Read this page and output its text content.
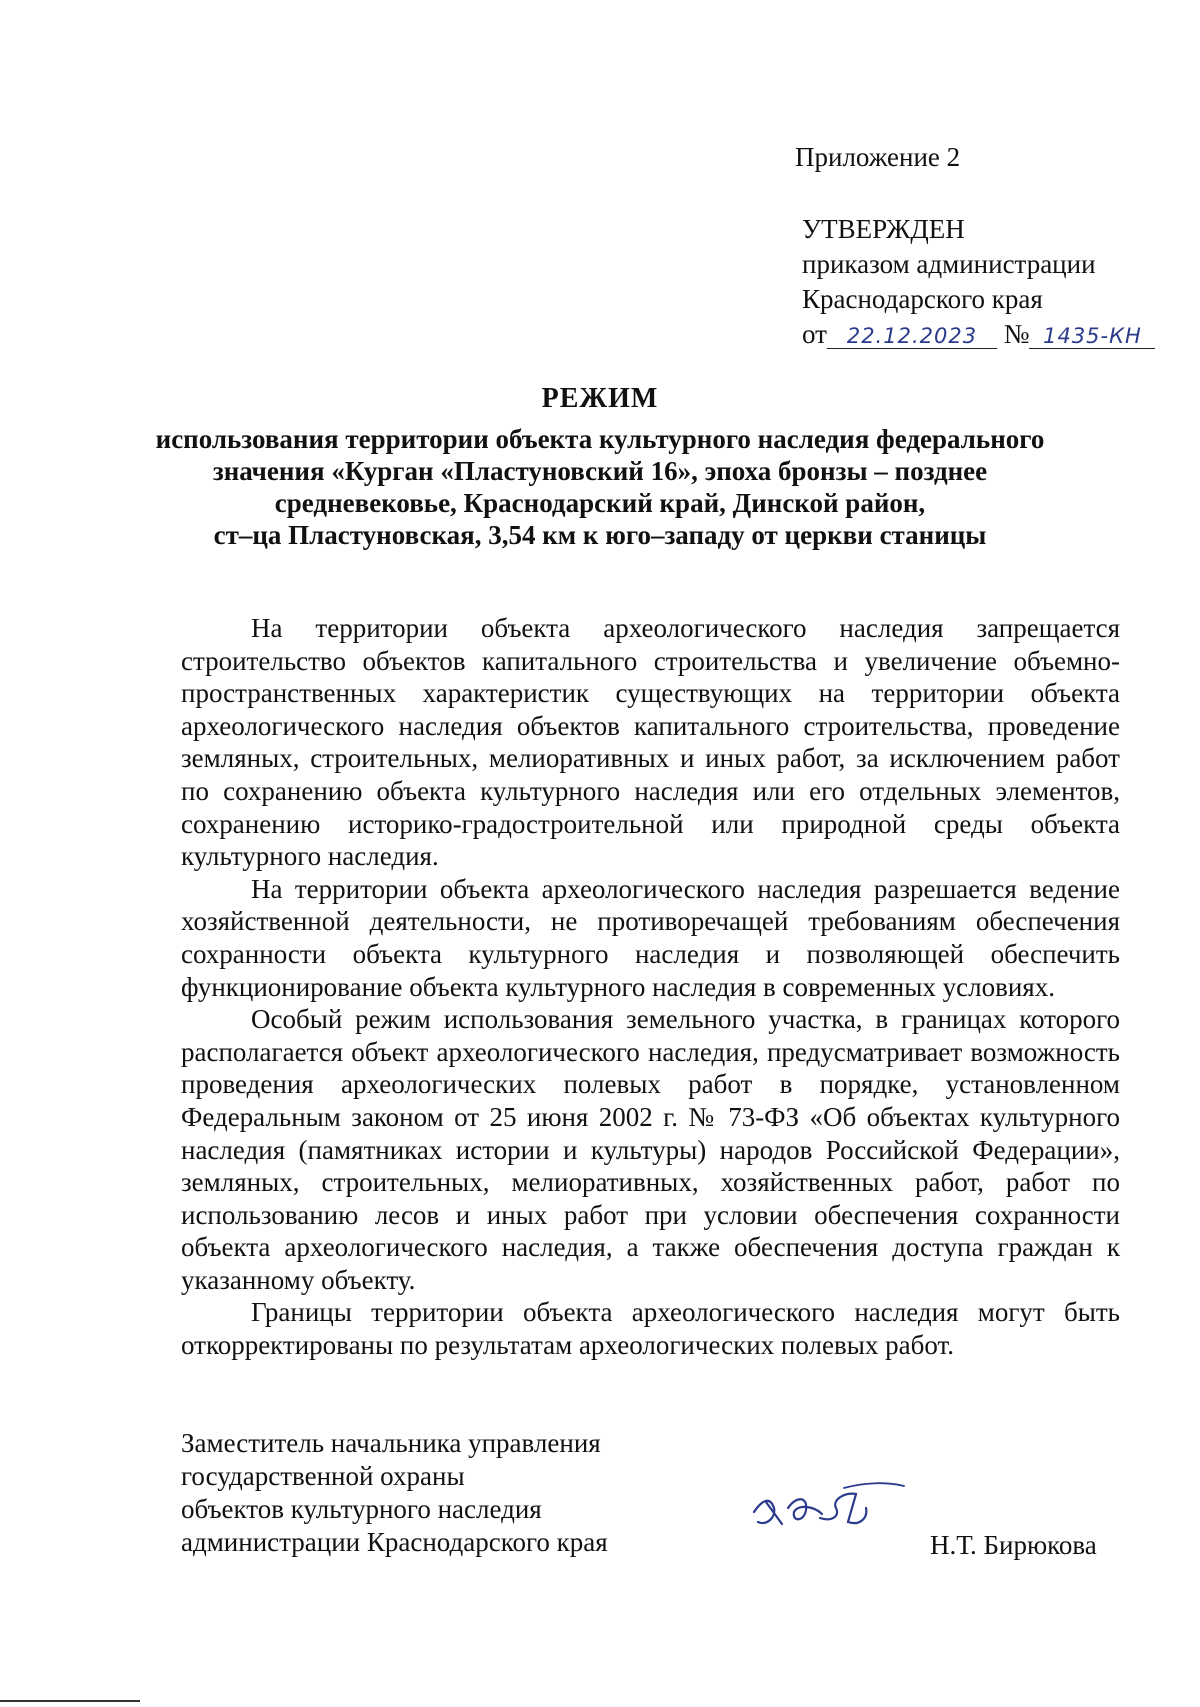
Приложение 2
УТВЕРЖДЕН
приказом администрации
Краснодарского края
от 22.12.2023 № 1435-КН
РЕЖИМ
использования территории объекта культурного наследия федерального
значения «Курган «Пластуновский 16», эпоха бронзы – позднее
средневековье, Краснодарский край, Динской район,
ст–ца Пластуновская, 3,54 км к юго–западу от церкви станицы

На территории объекта археологического наследия запрещается строительство объектов капитального строительства и увеличение объемно-пространственных характеристик существующих на территории объекта археологического наследия объектов капитального строительства, проведение земляных, строительных, мелиоративных и иных работ, за исключением работ по сохранению объекта культурного наследия или его отдельных элементов, сохранению историко-градостроительной или природной среды объекта культурного наследия.

На территории объекта археологического наследия разрешается ведение хозяйственной деятельности, не противоречащей требованиям обеспечения сохранности объекта культурного наследия и позволяющей обеспечить функционирование объекта культурного наследия в современных условиях.

Особый режим использования земельного участка, в границах которого располагается объект археологического наследия, предусматривает возможность проведения археологических полевых работ в порядке, установленном Федеральным законом от 25 июня 2002 г. № 73-ФЗ «Об объектах культурного наследия (памятниках истории и культуры) народов Российской Федерации», земляных, строительных, мелиоративных, хозяйственных работ, работ по использованию лесов и иных работ при условии обеспечения сохранности объекта археологического наследия, а также обеспечения доступа граждан к указанному объекту.

Границы территории объекта археологического наследия могут быть откорректированы по результатам археологических полевых работ.

Заместитель начальника управления
государственной охраны
объектов культурного наследия
администрации Краснодарского края	Н.Т. Бирюкова
